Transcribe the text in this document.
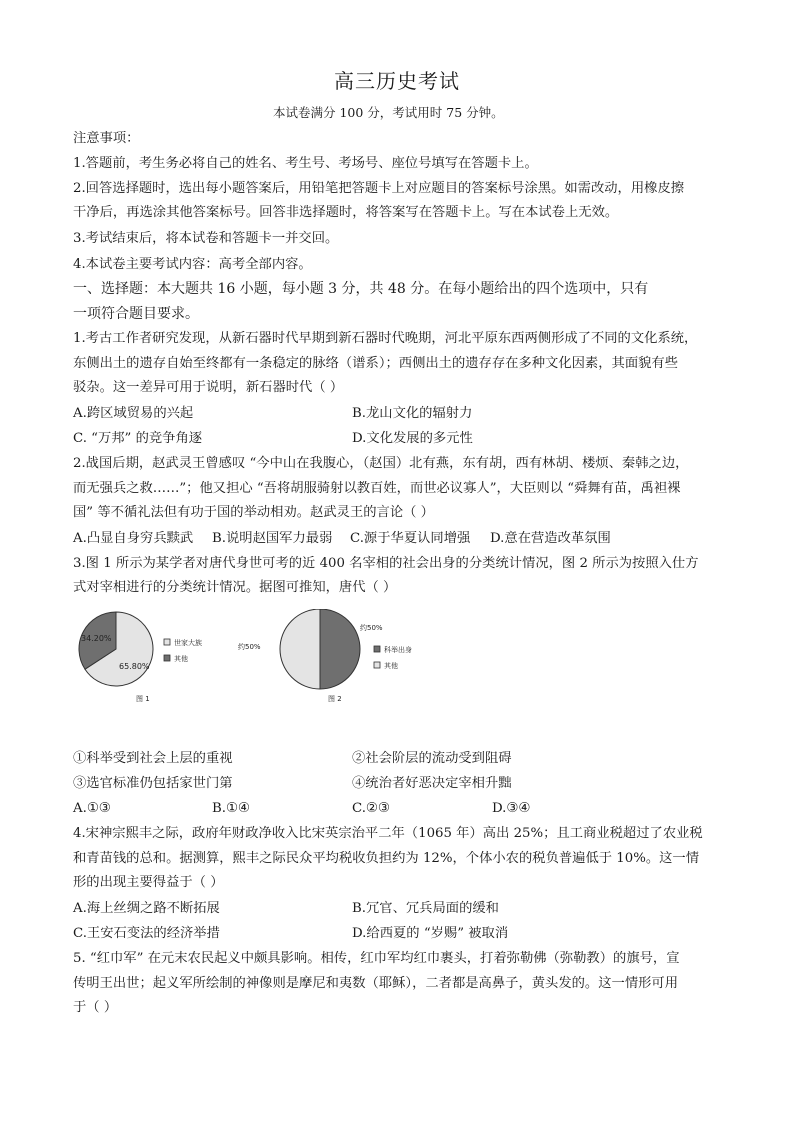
高三历史考试
本试卷满分 100 分，考试用时 75 分钟。
注意事项：
1.答题前，考生务必将自己的姓名、考生号、考场号、座位号填写在答题卡上。
2.回答选择题时，选出每小题答案后，用铅笔把答题卡上对应题目的答案标号涂黑。如需改动，用橡皮擦
干净后，再选涂其他答案标号。回答非选择题时，将答案写在答题卡上。写在本试卷上无效。
3.考试结束后，将本试卷和答题卡一并交回。
4.本试卷主要考试内容：高考全部内容。
一、选择题：本大题共 16 小题，每小题 3 分，共 48 分。在每小题给出的四个选项中，只有
一项符合题目要求。
1.考古工作者研究发现，从新石器时代早期到新石器时代晚期，河北平原东西两侧形成了不同的文化系统，
东侧出土的遗存自始至终都有一条稳定的脉络（谱系）；西侧出土的遗存存在多种文化因素，其面貌有些
驳杂。这一差异可用于说明，新石器时代（ ）
A.跨区域贸易的兴起	B.龙山文化的辐射力
C. “万邦” 的竞争角逐	D.文化发展的多元性
2.战国后期，赵武灵王曾感叹 “今中山在我腹心，（赵国）北有燕，东有胡，西有林胡、楼烦、秦韩之边，
而无强兵之救……”；他又担心 “吾将胡服骑射以教百姓，而世必议寡人”，大臣则以 “舜舞有苗，禹袒裸
国” 等不循礼法但有功于国的举动相劝。赵武灵王的言论（ ）
A.凸显自身穷兵黩武 B.说明赵国军力最弱 C.源于华夏认同增强 D.意在营造改革氛围
3.图 1 所示为某学者对唐代身世可考的近 400 名宰相的社会出身的分类统计情况，图 2 所示为按照入仕方
式对宰相进行的分类统计情况。据图可推知，唐代（ ）
65.80%
34.20%	世家大族
其他
图 1
约50%
约50%	科举出身
其他
图 2
①科举受到社会上层的重视	②社会阶层的流动受到阻碍
③选官标准仍包括家世门第	④统治者好恶决定宰相升黜
A.①③	B.①④	C.②③	D.③④
4.宋神宗熙丰之际，政府年财政净收入比宋英宗治平二年（1065 年）高出 25%；且工商业税超过了农业税
和青苗钱的总和。据测算，熙丰之际民众平均税收负担约为 12%，个体小农的税负普遍低于 10%。这一情
形的出现主要得益于（ ）
A.海上丝绸之路不断拓展	B.冗官、冗兵局面的缓和
C.王安石变法的经济举措	D.给西夏的 “岁赐” 被取消
5. “红巾军” 在元末农民起义中颇具影响。相传，红巾军均红巾裹头，打着弥勒佛（弥勒教）的旗号，宣
传明王出世；起义军所绘制的神像则是摩尼和夷数（耶稣），二者都是高鼻子，黄头发的。这一情形可用
于（ ）
